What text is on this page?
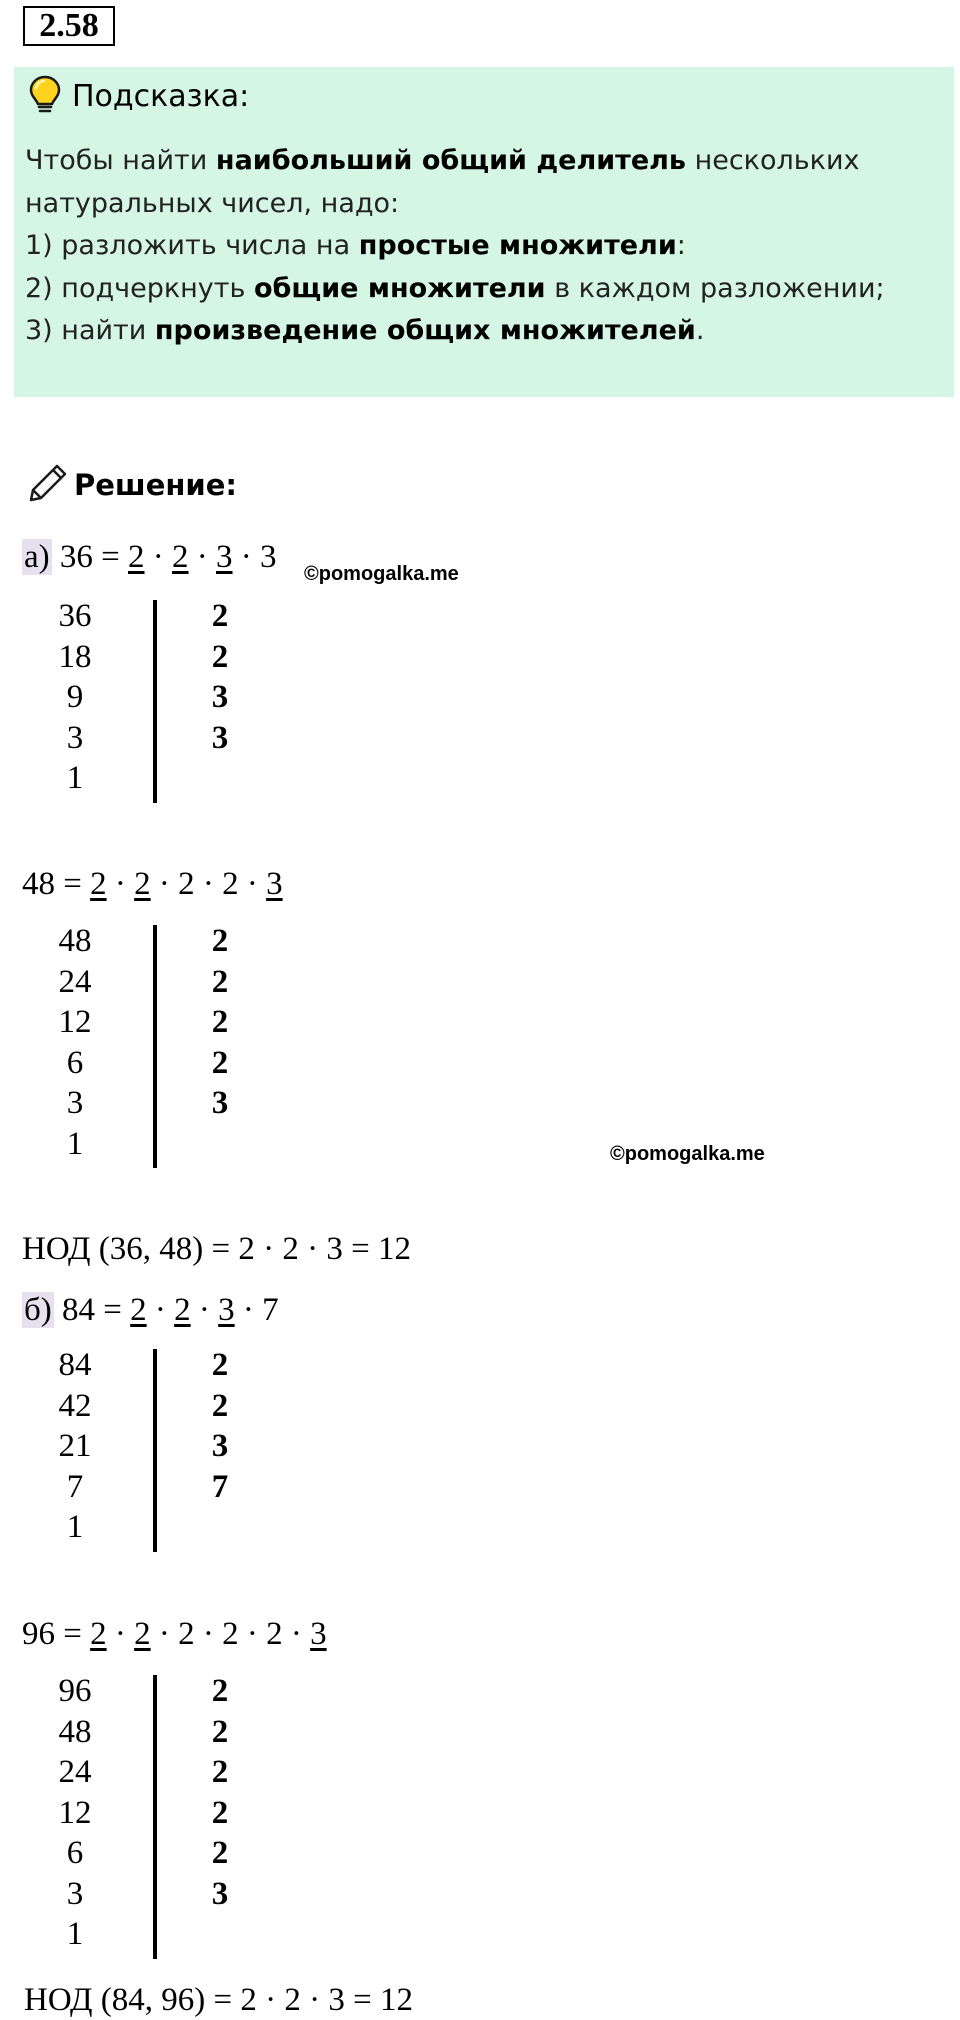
2.58
Подсказка:
Чтобы найти наибольший общий делитель нескольких
натуральных чисел, надо:
1) разложить числа на простые множители:
2) подчеркнуть общие множители в каждом разложении;
3) найти произведение общих множителей.
Решение:
а) 36 = 2 · 2 · 3 · 3 ©pomogalka.me
36
18
9
3
1
2
2
3
3
48 = 2 · 2 · 2 · 2 · 3
48
24
12
6
3
1
2
2
2
2
3
©pomogalka.me
НОД (36, 48) = 2 · 2 · 3 = 12
б) 84 = 2 · 2 · 3 · 7
84
42
21
7
1
2
2
3
7
96 = 2 · 2 · 2 · 2 · 2 · 3
96
48
24
12
6
3
1
2
2
2
2
2
3
НОД (84, 96) = 2 · 2 · 3 = 12
